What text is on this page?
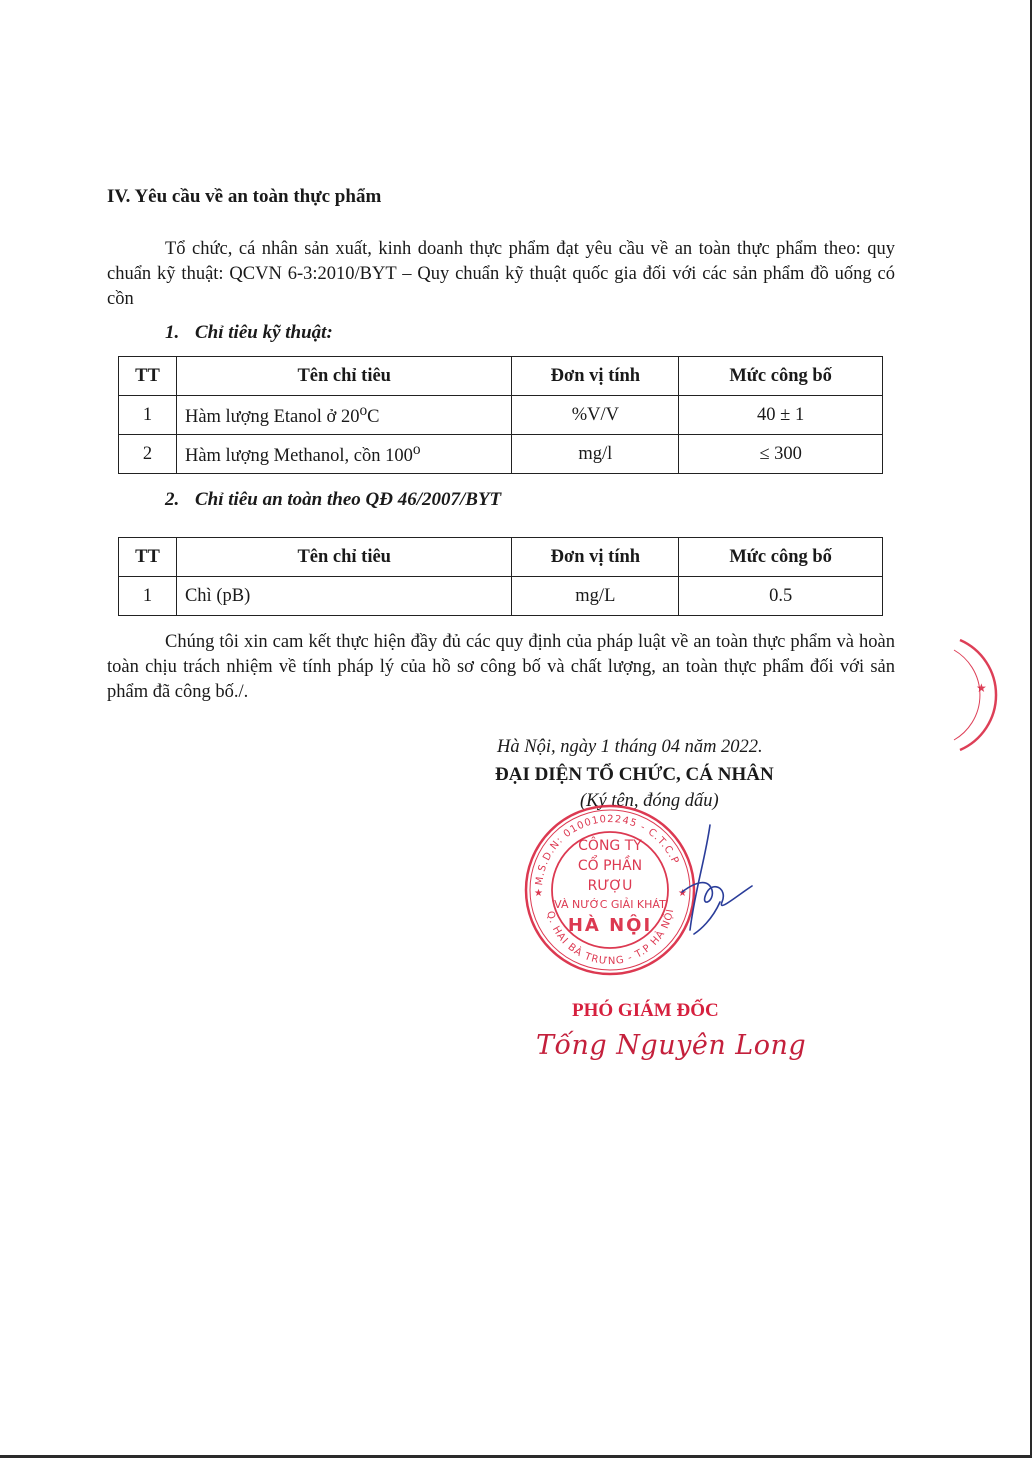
IV. Yêu cầu về an toàn thực phẩm

Tổ chức, cá nhân sản xuất, kinh doanh thực phẩm đạt yêu cầu về an toàn thực phẩm theo: quy chuẩn kỹ thuật: QCVN 6-3:2010/BYT – Quy chuẩn kỹ thuật quốc gia đối với các sản phẩm đồ uống có cồn

1. Chỉ tiêu kỹ thuật:

TT	Tên chỉ tiêu	Đơn vị tính	Mức công bố
1	Hàm lượng Etanol ở 20$^o$C	%V/V	40 ± 1
2	Hàm lượng Methanol, cồn 100$^o$	mg/l	≤ 300

2. Chỉ tiêu an toàn theo QĐ 46/2007/BYT

TT	Tên chỉ tiêu	Đơn vị tính	Mức công bố
1	Chì (pB)	mg/L	0.5

Chúng tôi xin cam kết thực hiện đầy đủ các quy định của pháp luật về an toàn thực phẩm và hoàn toàn chịu trách nhiệm về tính pháp lý của hồ sơ công bố và chất lượng, an toàn thực phẩm đối với sản phẩm đã công bố./.

Hà Nội, ngày 1 tháng 04 năm 2022.

ĐẠI DIỆN TỔ CHỨC, CÁ NHÂN

(Ký tên, đóng dấu)

M.S.D.N: 0100102245 - C.T.C.P
Q. HAI BÀ TRƯNG - T.P HÀ NỘI
CÔNG TY
CỔ PHẦN
RƯỢU
VÀ NƯỚC GIẢI KHÁT
HÀ NỘI
★	★
★

PHÓ GIÁM ĐỐC

Tống Nguyên Long
